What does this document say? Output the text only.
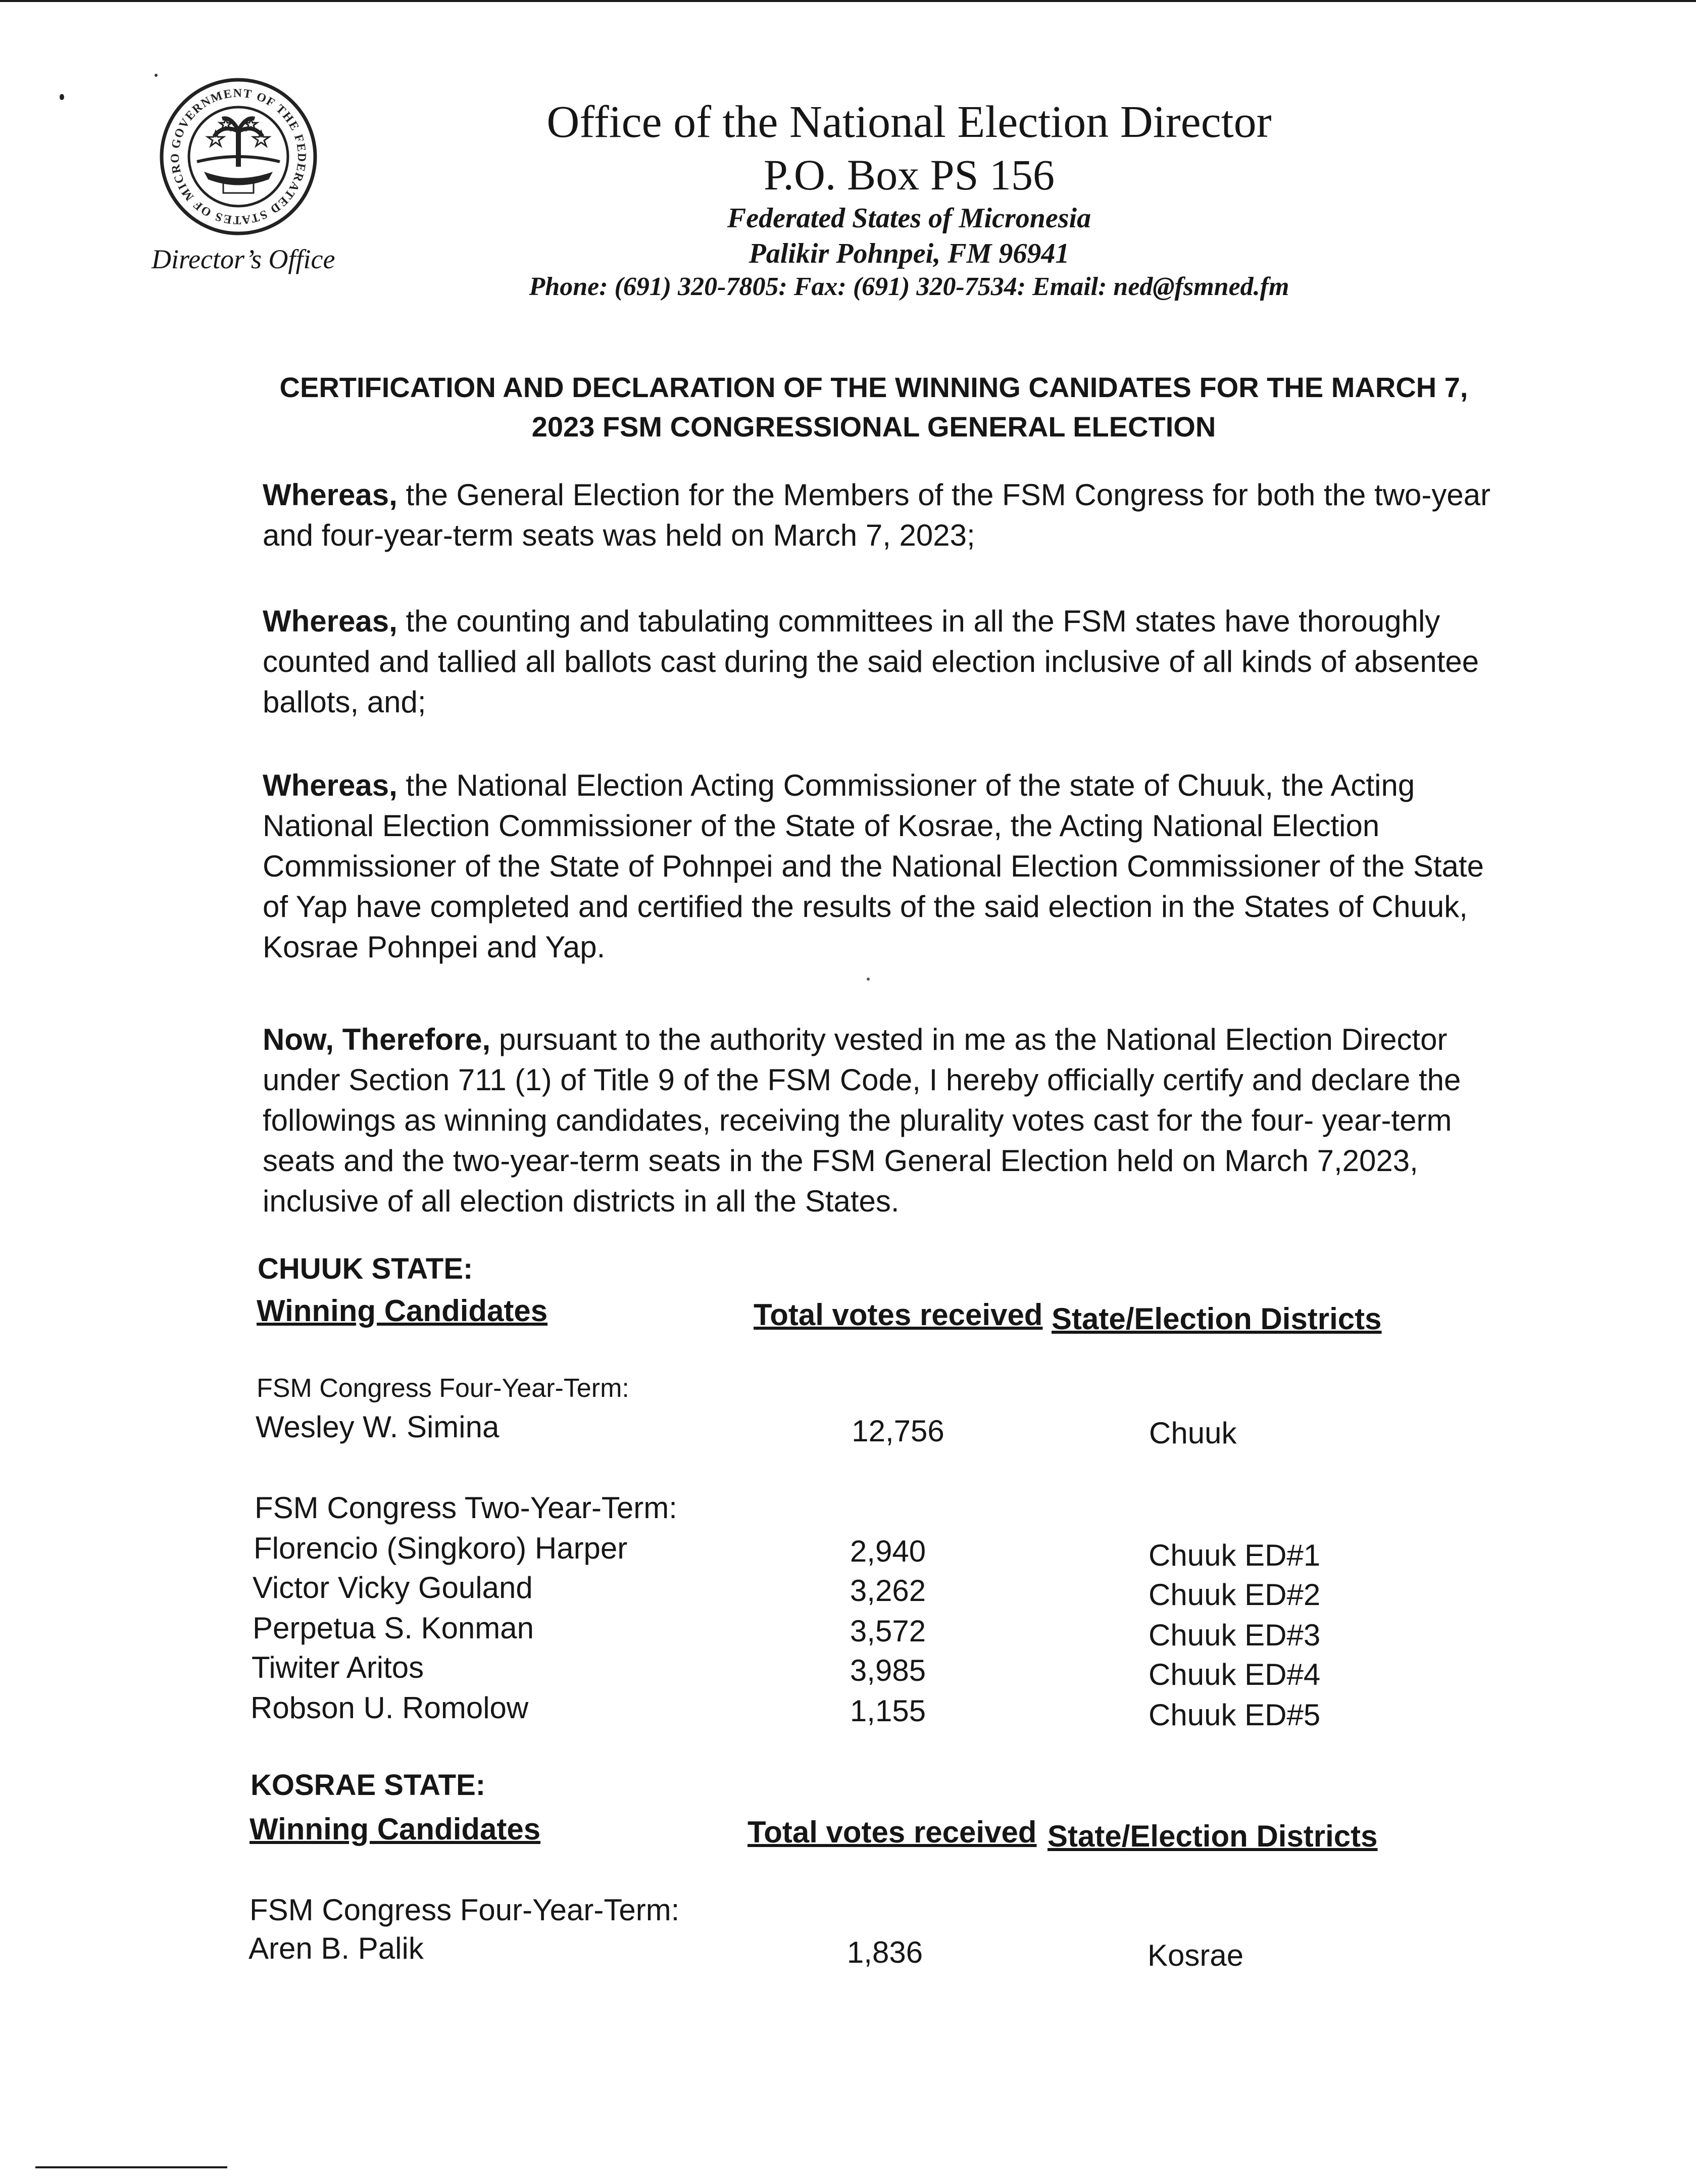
GOVERNMENT OF THE FEDERATED STATES OF MICRO
Director’s Office
Office of the National Election Director
P.O. Box PS 156
Federated States of Micronesia
Palikir Pohnpei, FM 96941
Phone: (691) 320-7805: Fax: (691) 320-7534: Email: ned@fsmned.fm
CERTIFICATION AND DECLARATION OF THE WINNING CANIDATES FOR THE MARCH 7,
2023 FSM CONGRESSIONAL GENERAL ELECTION
Whereas, the General Election for the Members of the FSM Congress for both the two-year and four-year-term seats was held on March 7, 2023;
Whereas, the counting and tabulating committees in all the FSM states have thoroughly counted and tallied all ballots cast during the said election inclusive of all kinds of absentee ballots, and;
Whereas, the National Election Acting Commissioner of the state of Chuuk, the Acting National Election Commissioner of the State of Kosrae, the Acting National Election Commissioner of the State of Pohnpei and the National Election Commissioner of the State of Yap have completed and certified the results of the said election in the States of Chuuk, Kosrae Pohnpei and Yap.
Now, Therefore, pursuant to the authority vested in me as the National Election Director under Section 711 (1) of Title 9 of the FSM Code, I hereby officially certify and declare the followings as winning candidates, receiving the plurality votes cast for the four- year-term seats and the two-year-term seats in the FSM General Election held on March 7,2023, inclusive of all election districts in all the States.
CHUUK STATE:
Winning Candidates	Total votes received State/Election Districts
FSM Congress Four-Year-Term:
Wesley W. Simina	12,756	Chuuk
FSM Congress Two-Year-Term:
Florencio (Singkoro) Harper	2,940	Chuuk ED#1
Victor Vicky Gouland	3,262	Chuuk ED#2
Perpetua S. Konman	3,572	Chuuk ED#3
Tiwiter Aritos	3,985	Chuuk ED#4
Robson U. Romolow	1,155	Chuuk ED#5
KOSRAE STATE:
Winning Candidates	Total votes received State/Election Districts
FSM Congress Four-Year-Term:
Aren B. Palik	1,836	Kosrae
